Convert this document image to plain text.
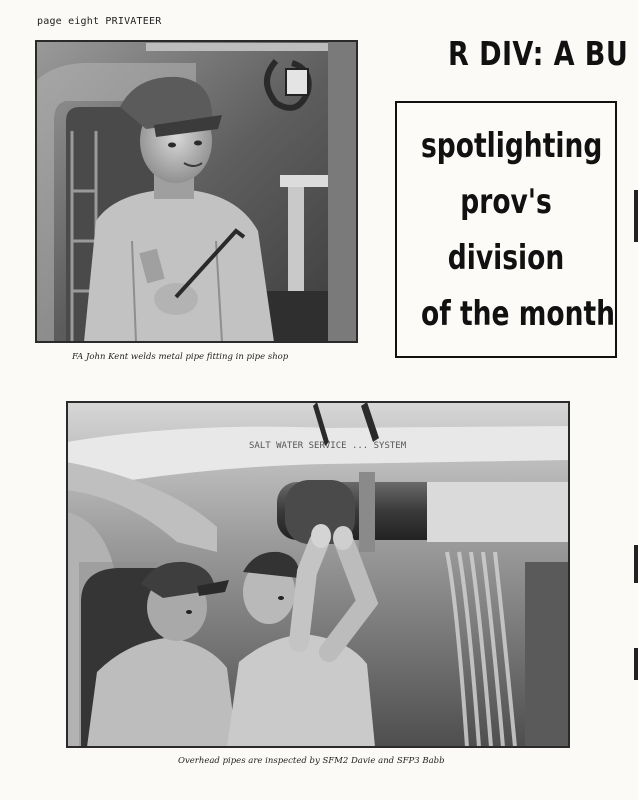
page eight PRIVATEER
R DIV: A BU
FA John Kent welds metal pipe fitting in pipe shop
spotlighting
prov's
division
of the month
SALT WATER SERVICE ... SYSTEM
Overhead pipes are inspected by SFM2 Davie and SFP3 Babb
